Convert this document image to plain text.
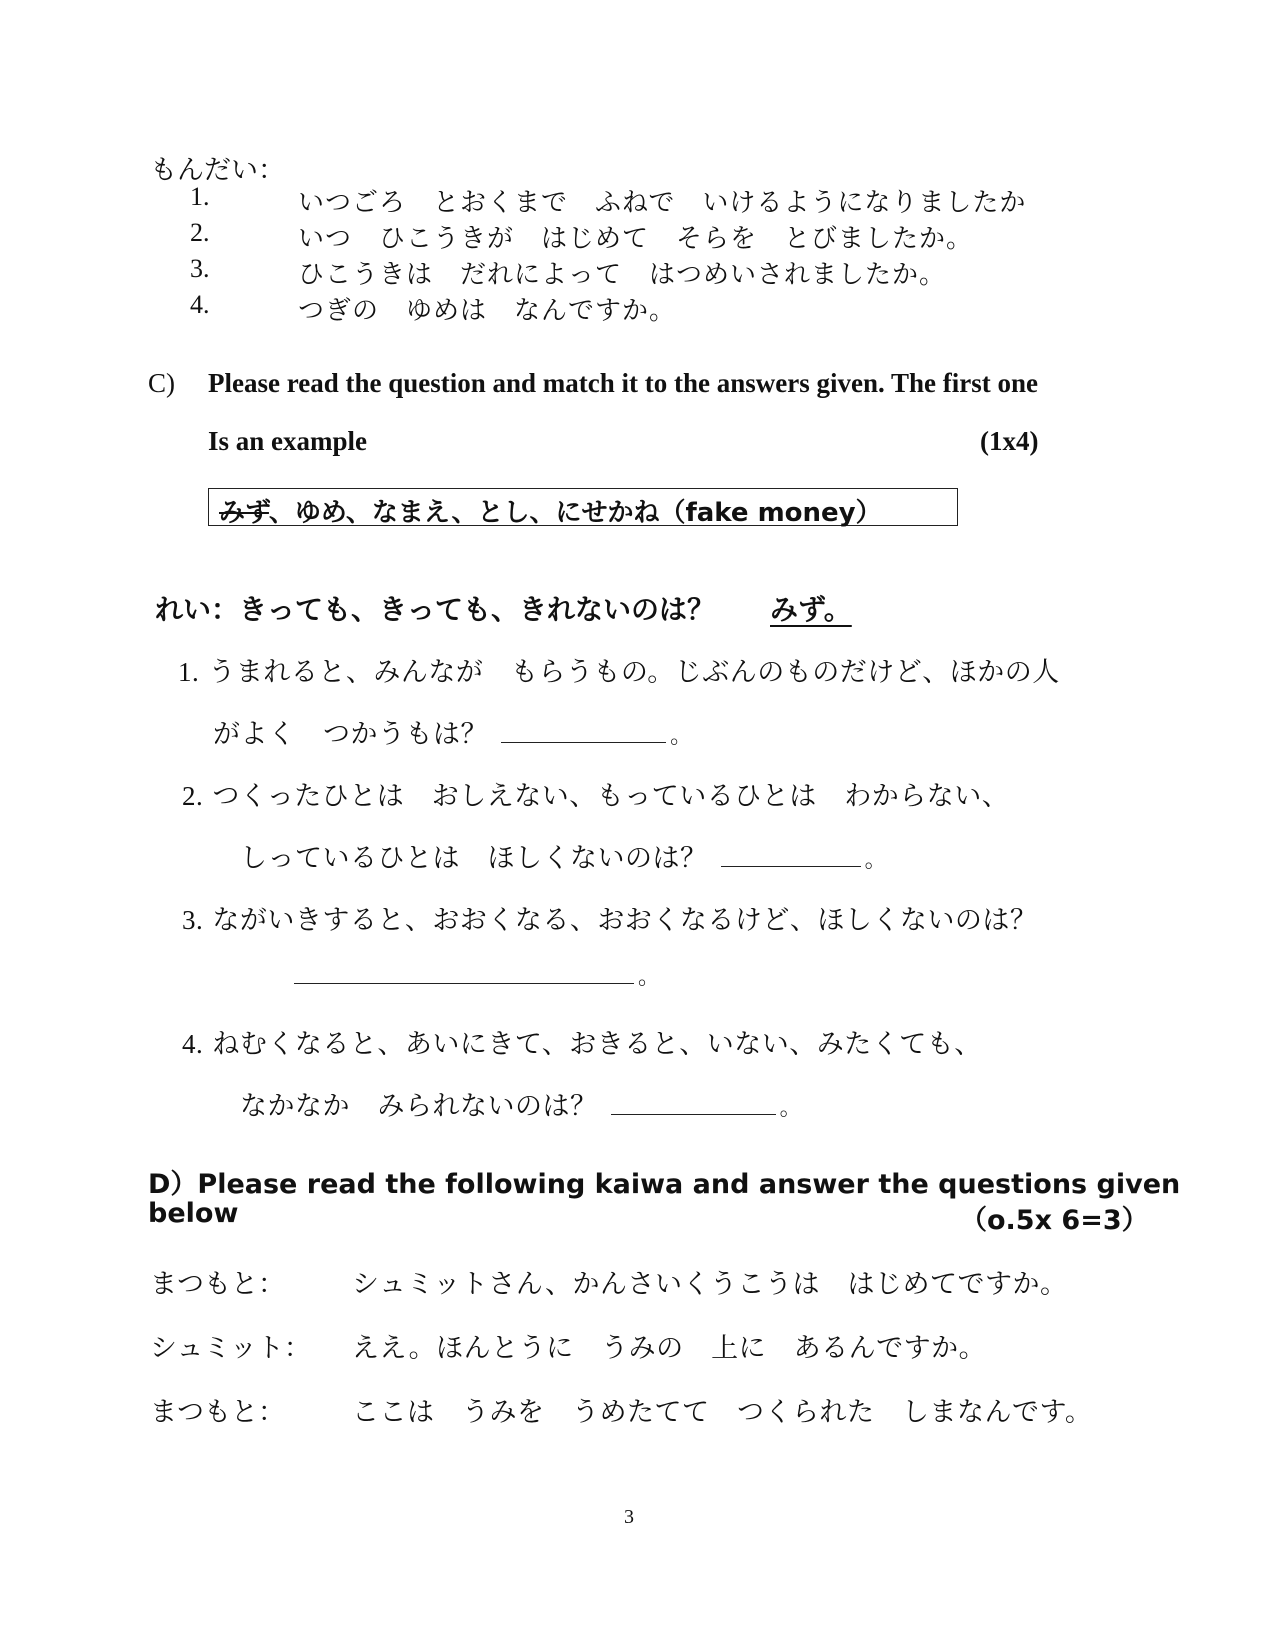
もんだい：
1.	いつごろ　とおくまで　ふねで　いけるようになりましたか
2.	いつ　ひこうきが　はじめて　そらを　とびましたか。
3.	ひこうきは　だれによって　はつめいされましたか。
4.	つぎの　ゆめは　なんですか。
C) Please read the question and match it to the answers given. The first one
Is an example	(1x4)
みず、ゆめ、なまえ、とし、にせかね（fake money）
れい：きっても、きっても、きれないのは？ みず。
1. うまれると、みんなが　もらうもの。じぶんのものだけど、ほかの人
がよく　つかうもは？	。
2. つくったひとは　おしえない、もっているひとは　わからない、
しっているひとは　ほしくないのは？	。
3. ながいきすると、おおくなる、おおくなるけど、ほしくないのは？
。
4. ねむくなると、あいにきて、おきると、いない、みたくても、
なかなか　みられないのは？	。
D）Please read the following kaiwa and answer the questions given
below	（o.5x 6=3）
まつもと： シュミットさん、かんさいくうこうは　はじめてですか。
シュミット： ええ。ほんとうに　うみの　上に　あるんですか。
まつもと： ここは　うみを　うめたてて　つくられた　しまなんです。
3
